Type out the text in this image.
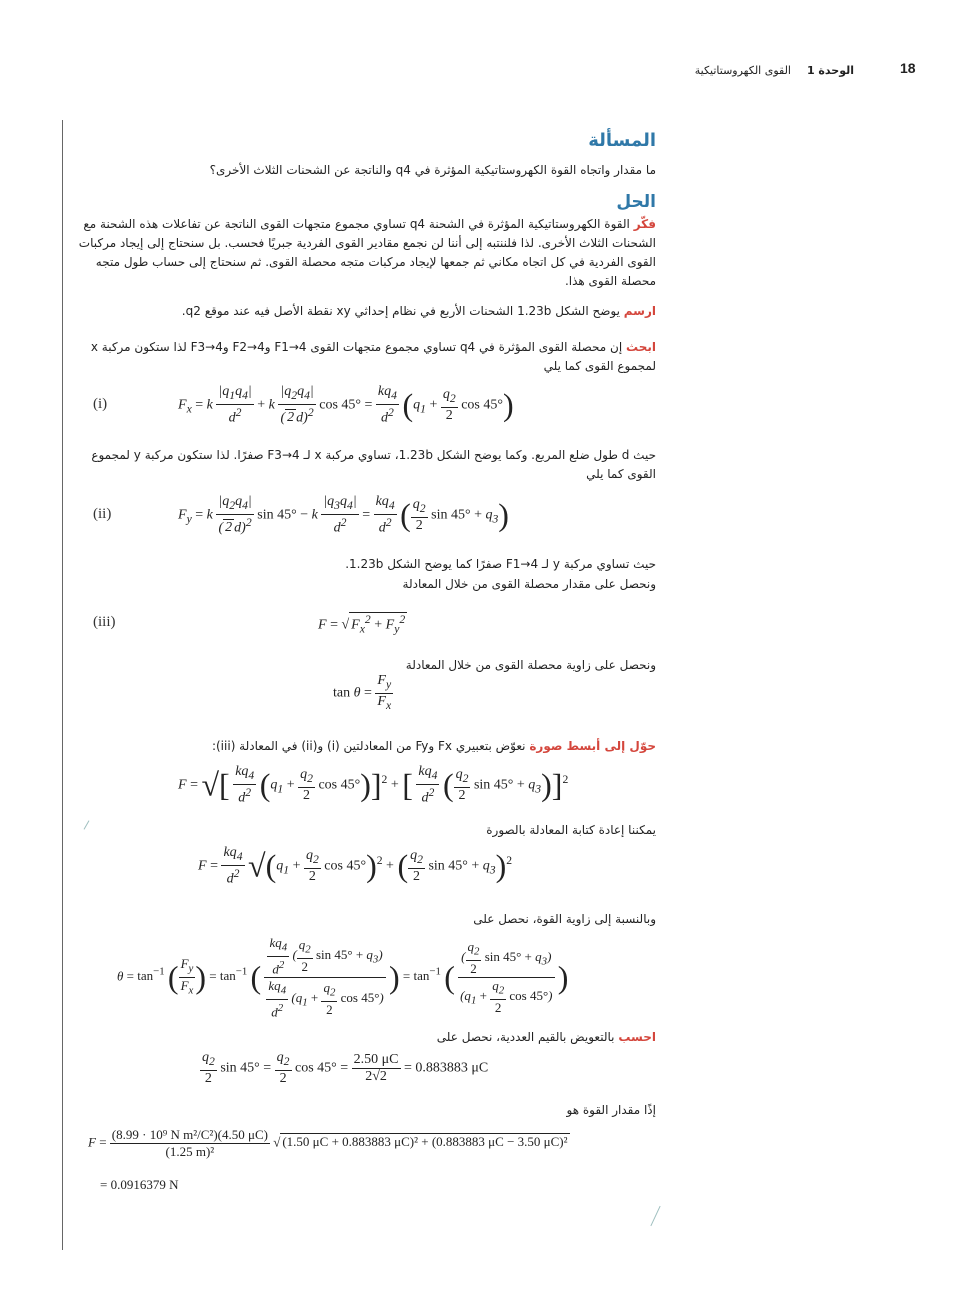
18
الوحدة 1
القوى الكهروستاتيكية
المسألة
ما مقدار واتجاه القوة الكهروستاتيكية المؤثرة في q4 والناتجة عن الشحنات الثلاث الأخرى؟
الحل
فكّر القوة الكهروستاتيكية المؤثرة في الشحنة q4 تساوي مجموع متجهات القوى الناتجة عن تفاعلات هذه الشحنة مع الشحنات الثلاث الأخرى. لذا فلننتبه إلى أننا لن نجمع مقادير القوى الفردية جبريًا فحسب. بل سنحتاج إلى إيجاد مركبات القوى الفردية في كل اتجاه مكاني ثم جمعها لإيجاد مركبات متجه محصلة القوى. ثم سنحتاج إلى حساب طول متجه محصلة القوى هذا.
ارسم يوضح الشكل 1.23b الشحنات الأربع في نظام إحداثي xy نقطة الأصل فيه عند موقع q2.
ابحث إن محصلة القوى المؤثرة في q4 تساوي مجموع متجهات القوى F1→4 وF2→4 وF3→4 لذا ستكون مركبة x لمجموع القوى كما يلي
(i)	$F_x = k \frac{|q_1q_4|}{d^2} + k \frac{|q_2q_4|}{( 2 d)^2}$ $\cos 45^\circ = \frac{kq_4}{d^2} (q_1 + \frac{q_2}{2}$ cos 45°)
حيث d طول ضلع المربع. وكما يوضح الشكل 1.23b، تساوي مركبة x لـ F3→4 صفرًا. لذا ستكون مركبة y لمجموع القوى كما يلي
(ii)	$F_y = k \frac{|q_2q_4|}{( 2 d)^2}$ sin 45° − k $\frac{|q_3q_4|}{d^2} = \frac{kq_4}{d^2}$ ( $\frac{q_2}{2}$ $\sin 45^\circ + q_3$)
حيث تساوي مركبة y لـ F1→4 صفرًا كما يوضح الشكل 1.23b.
ونحصل على مقدار محصلة القوى من خلال المعادلة
(iii)	F = √ $F_x^2 + F_y^2$
ونحصل على زاوية محصلة القوى من خلال المعادلة
$\tan \theta = \frac{F_y}{F_x}$
حوّل إلى أبسط صورة نعوّض بتعبيري Fx وFy من المعادلتين (i) و(ii) في المعادلة (iii):
F = √[ $\frac{kq_4}{d^2} (q_1 + \frac{q_2}{2}$ cos 45°)]$^2$ + [ $\frac{kq_4}{d^2}$ ( $\frac{q_2}{2}$ $\sin 45^\circ + q_3)]^2$
يمكننا إعادة كتابة المعادلة بالصورة
$F = \frac{kq_4}{d^2} √(q_1 + \frac{q_2}{2}$ $\cos 45^\circ)^2$ + ( $\frac{q_2}{2}$ $\sin 45^\circ + q_3)^2$
وبالنسبة إلى زاوية القوة، نحصل على
$\theta = \tan^{-1}$ ( $\frac{F_y}{F_x}$ ) = $\tan^{-1}$ ( $\frac{\frac{kq_4}{d^2} ( \frac{q_2}{2} \sin 45^\circ + q_3)}{\frac{kq_4}{d^2} (q_1 + \frac{q_2}{2} \cos 45^\circ)}$ ) = $\tan^{-1}$ ( $\frac{( \frac{q_2}{2} \sin 45^\circ + q_3)}{(q_1 + \frac{q_2}{2} \cos 45^\circ)}$ )
احسب بالتعويض بالقيم العددية، نحصل على
$\frac{q_2}{2}$ $\sin 45^\circ = \frac{q_2}{2}$ $\cos 45^\circ = \frac{2.50 \mu C}{2√2} = 0.883883$ μC
إذًا مقدار القوة هو
$F = \frac{\text{(8.99 · 10⁹ N m²/C²)(4.50 μC)}}{\text{(1.25 m)²}}$ √ (1.50 μC + 0.883883 μC)² + (0.883883 μC − 3.50 μC)²
= 0.0916379 N
